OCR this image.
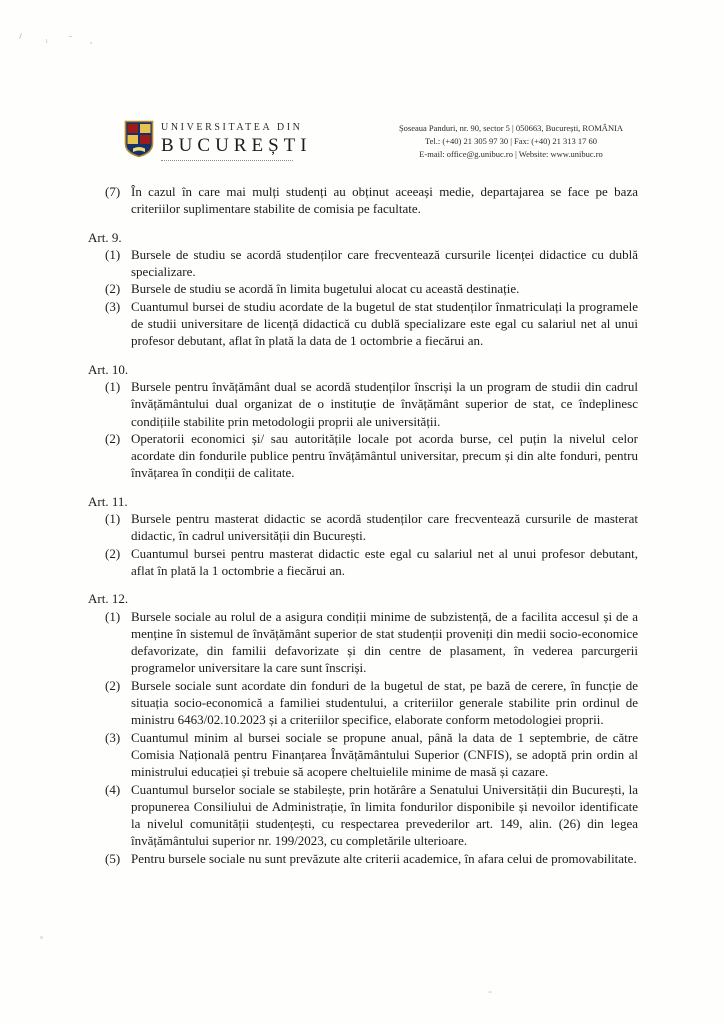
UNIVERSITATEA DIN
BUCUREȘTI
Șoseaua Panduri, nr. 90, sector 5 | 050663, București, ROMÂNIA
Tel.: (+40) 21 305 97 30 | Fax: (+40) 21 313 17 60
E-mail: office@g.unibuc.ro | Website: www.unibuc.ro
(7) În cazul în care mai mulți studenți au obținut aceeași medie, departajarea se face pe baza criteriilor suplimentare stabilite de comisia pe facultate.
Art. 9.
(1) Bursele de studiu se acordă studenților care frecventează cursurile licenței didactice cu dublă specializare.
(2) Bursele de studiu se acordă în limita bugetului alocat cu această destinație.
(3) Cuantumul bursei de studiu acordate de la bugetul de stat studenților înmatriculați la programele de studii universitare de licență didactică cu dublă specializare este egal cu salariul net al unui profesor debutant, aflat în plată la data de 1 octombrie a fiecărui an.
Art. 10.
(1) Bursele pentru învățământ dual se acordă studenților înscriși la un program de studii din cadrul învățământului dual organizat de o instituție de învățământ superior de stat, ce îndeplinesc condițiile stabilite prin metodologii proprii ale universității.
(2) Operatorii economici și/ sau autoritățile locale pot acorda burse, cel puțin la nivelul celor acordate din fondurile publice pentru învățământul universitar, precum și din alte fonduri, pentru învățarea în condiții de calitate.
Art. 11.
(1) Bursele pentru masterat didactic se acordă studenților care frecventează cursurile de masterat didactic, în cadrul universității din București.
(2) Cuantumul bursei pentru masterat didactic este egal cu salariul net al unui profesor debutant, aflat în plată la 1 octombrie a fiecărui an.
Art. 12.
(1) Bursele sociale au rolul de a asigura condiții minime de subzistență, de a facilita accesul și de a menține în sistemul de învățământ superior de stat studenții proveniți din medii socio-economice defavorizate, din familii defavorizate și din centre de plasament, în vederea parcurgerii programelor universitare la care sunt înscriși.
(2) Bursele sociale sunt acordate din fonduri de la bugetul de stat, pe bază de cerere, în funcție de situația socio-economică a familiei studentului, a criteriilor generale stabilite prin ordinul de ministru 6463/02.10.2023 și a criteriilor specifice, elaborate conform metodologiei proprii.
(3) Cuantumul minim al bursei sociale se propune anual, până la data de 1 septembrie, de către Comisia Națională pentru Finanțarea Învățământului Superior (CNFIS), se adoptă prin ordin al ministrului educației și trebuie să acopere cheltuielile minime de masă și cazare.
(4) Cuantumul burselor sociale se stabilește, prin hotărâre a Senatului Universității din București, la propunerea Consiliului de Administrație, în limita fondurilor disponibile și nevoilor identificate la nivelul comunității studențești, cu respectarea prevederilor art. 149, alin. (26) din legea învățământului superior nr. 199/2023, cu completările ulterioare.
(5) Pentru bursele sociale nu sunt prevăzute alte criterii academice, în afara celui de promovabilitate.
